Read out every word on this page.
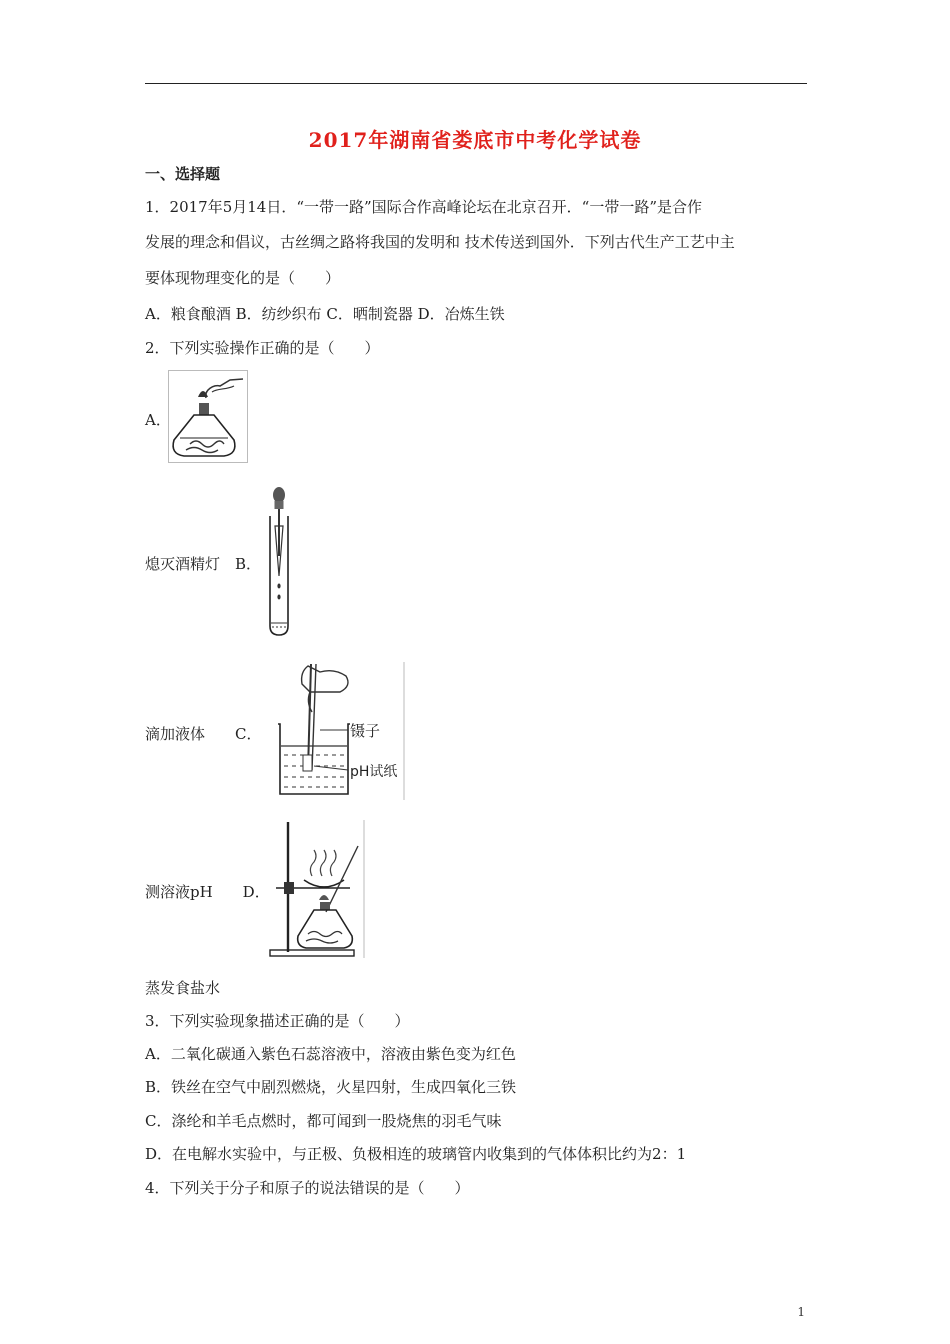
2017年湖南省娄底市中考化学试卷
一、选择题
1．2017年5月14日．“一带一路”国际合作高峰论坛在北京召开．“一带一路”是合作
发展的理念和倡议，古丝绸之路将我国的发明和 技术传送到国外．下列古代生产工艺中主
要体现物理变化的是（　　）
A．粮食酿酒 B．纺纱织布 C．晒制瓷器 D．冶炼生铁
2．下列实验操作正确的是（　　）
A．
熄灭酒精灯　B．
滴加液体　　C．	镊子
pH试纸
测溶液pH　　D．
蒸发食盐水
3．下列实验现象描述正确的是（　　）
A．二氧化碳通入紫色石蕊溶液中，溶液由紫色变为红色
B．铁丝在空气中剧烈燃烧，火星四射，生成四氧化三铁
C．涤纶和羊毛点燃时，都可闻到一股烧焦的羽毛气味
D．在电解水实验中，与正极、负极相连的玻璃管内收集到的气体体积比约为2：1
4．下列关于分子和原子的说法错误的是（　　）
1
